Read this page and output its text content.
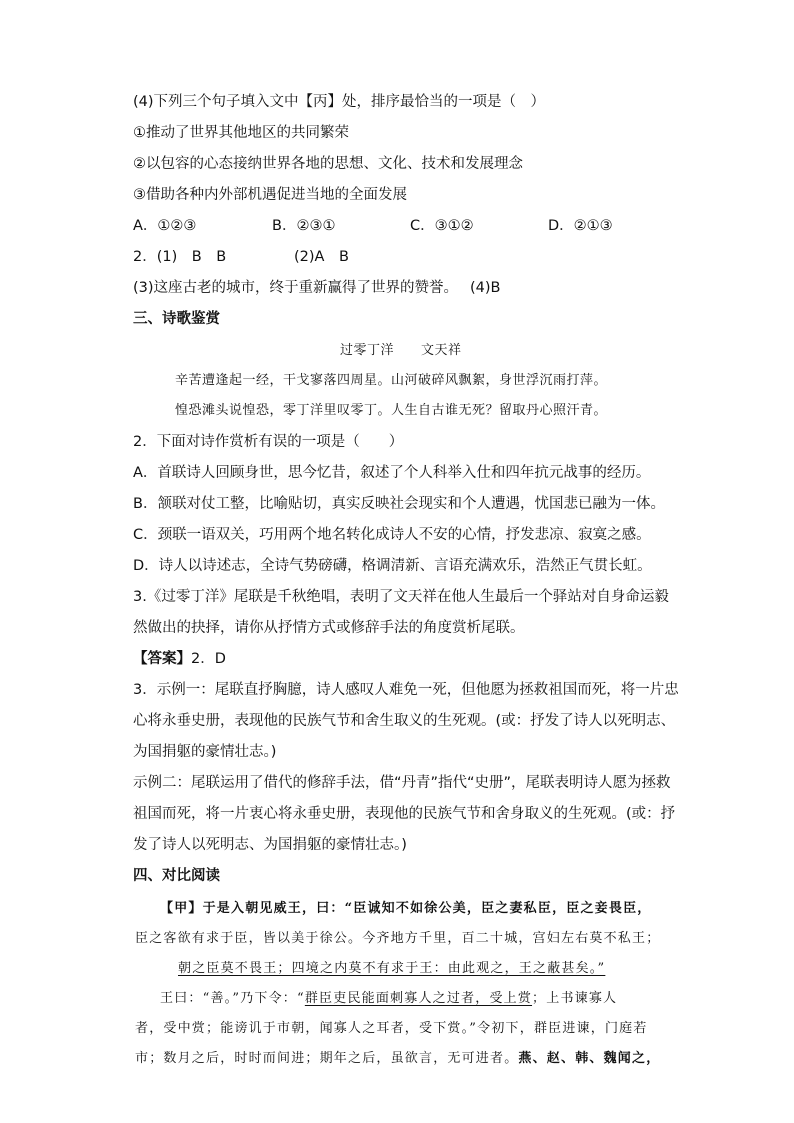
(4)下列三个句子填入文中【丙】处，排序最恰当的一项是（　）
①推动了世界其他地区的共同繁荣
②以包容的心态接纳世界各地的思想、文化、技术和发展理念
③借助各种内外部机遇促进当地的全面发展
A．①②③	B．②③①	C．③①②	D．②①③
2．(1)　B　B	(2)A　B
(3)这座古老的城市，终于重新赢得了世界的赞誉。 (4)B
三、诗歌鉴赏
过零丁洋　　文天祥
辛苦遭逢起一经，干戈寥落四周星。山河破碎风飘絮，身世浮沉雨打萍。
惶恐滩头说惶恐，零丁洋里叹零丁。人生自古谁无死？留取丹心照汗青。
2．下面对诗作赏析有误的一项是（　　）
A．首联诗人回顾身世，思今忆昔，叙述了个人科举入仕和四年抗元战事的经历。
B．颔联对仗工整，比喻贴切，真实反映社会现实和个人遭遇，忧国悲已融为一体。
C．颈联一语双关，巧用两个地名转化成诗人不安的心情，抒发悲凉、寂寞之感。
D．诗人以诗述志，全诗气势磅礴，格调清新、言语充满欢乐，浩然正气贯长虹。
3.《过零丁洋》尾联是千秋绝唱，表明了文天祥在他人生最后一个驿站对自身命运毅
然做出的抉择，请你从抒情方式或修辞手法的角度赏析尾联。
【答案】2．D
3．示例一：尾联直抒胸臆，诗人感叹人难免一死，但他愿为拯救祖国而死，将一片忠
心将永垂史册，表现他的民族气节和舍生取义的生死观。(或：抒发了诗人以死明志、
为国捐躯的豪情壮志。)
示例二：尾联运用了借代的修辞手法，借“丹青”指代“史册”，尾联表明诗人愿为拯救
祖国而死，将一片衷心将永垂史册，表现他的民族气节和舍身取义的生死观。(或：抒
发了诗人以死明志、为国捐躯的豪情壮志。)
四、对比阅读
【甲】于是入朝见威王，曰：“臣诚知不如徐公美，臣之妻私臣，臣之妾畏臣，
臣之客欲有求于臣，皆以美于徐公。今齐地方千里，百二十城，宫妇左右莫不私王；
朝之臣莫不畏王；四境之内莫不有求于王：由此观之，王之蔽甚矣。”
王曰：“善。”乃下令：“群臣吏民能面刺寡人之过者，受上赏；上书谏寡人
者，受中赏；能谤讥于市朝，闻寡人之耳者，受下赏。”令初下，群臣进谏，门庭若
市；数月之后，时时而间进；期年之后，虽欲言，无可进者。燕、赵、韩、魏闻之，
